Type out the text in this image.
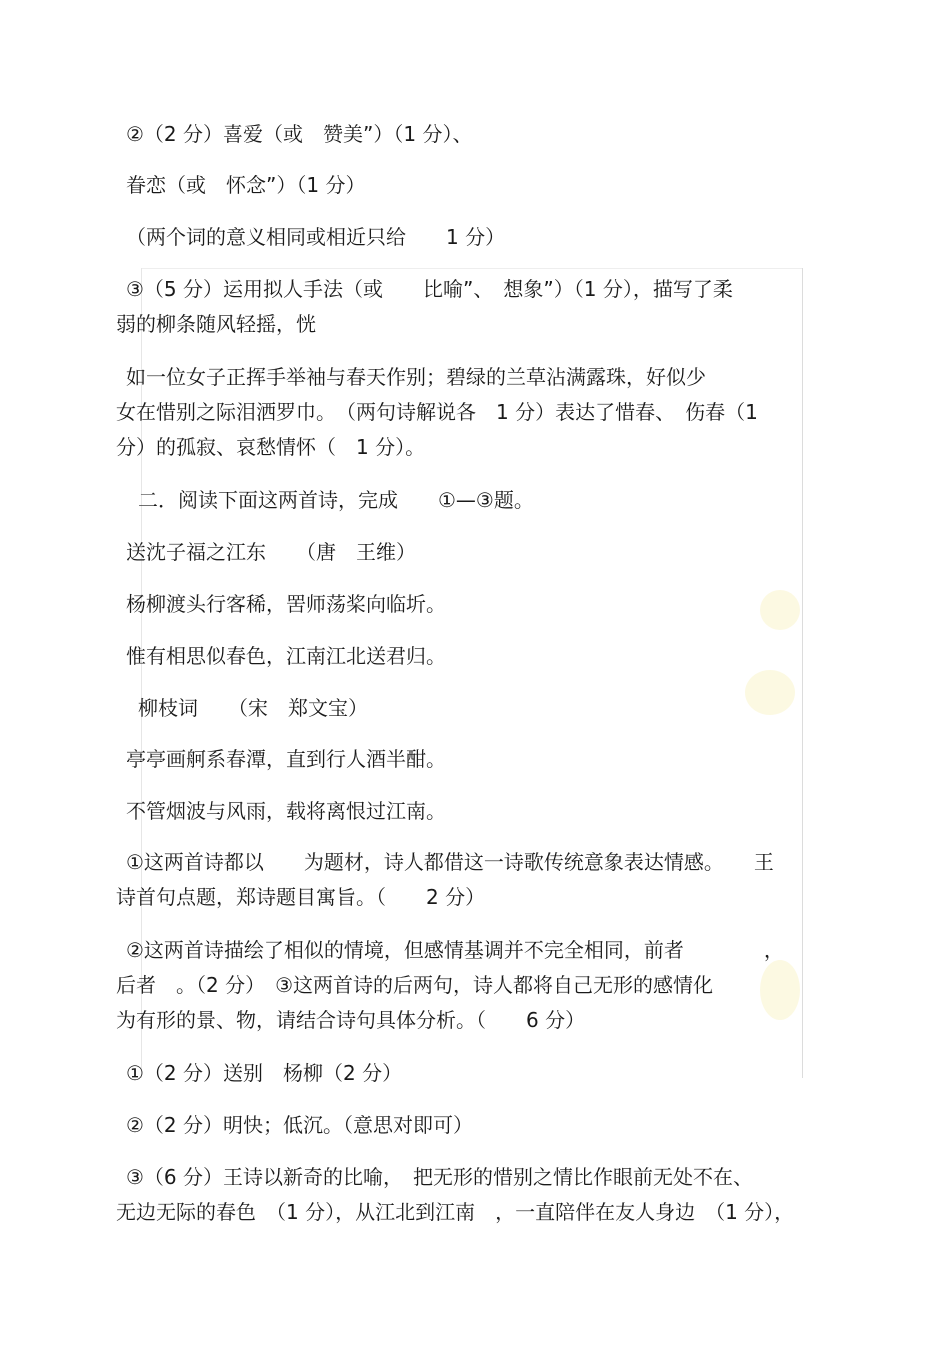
②（2 分）喜爱（或　赞美”）（1 分）、
眷恋（或　怀念”）（1 分）
（两个词的意义相同或相近只给　　1 分）
③（5 分）运用拟人手法（或　　比喻”、　想象”）（1 分），描写了柔
弱的柳条随风轻摇，恍
如一位女子正挥手举袖与春天作别；碧绿的兰草沾满露珠，好似少
女在惜别之际泪洒罗巾。　（两句诗解说各　1 分）表达了惜春、　伤春（1
分）的孤寂、哀愁情怀（　1 分）。
二．阅读下面这两首诗，完成　　①—③题。
送沈子福之江东　　（唐　王维）
杨柳渡头行客稀，罟师荡桨向临圻。
惟有相思似春色，江南江北送君归。
柳枝词　　（宋　郑文宝）
亭亭画舸系春潭，直到行人酒半酣。
不管烟波与风雨，载将离恨过江南。
①这两首诗都以　　为题材，诗人都借这一诗歌传统意象表达情感。　　王
诗首句点题，郑诗题目寓旨。（　　2 分）
②这两首诗描绘了相似的情境，但感情基调并不完全相同，前者　　　　，
后者　。（2 分）　③这两首诗的后两句，诗人都将自己无形的感情化
为有形的景、物，请结合诗句具体分析。（　　6 分）
①（2 分）送别　杨柳（2 分）
②（2 分）明快；低沉。（意思对即可）
③（6 分）王诗以新奇的比喻，　把无形的惜别之情比作眼前无处不在、
无边无际的春色　（1 分），从江北到江南　，一直陪伴在友人身边　（1 分），
